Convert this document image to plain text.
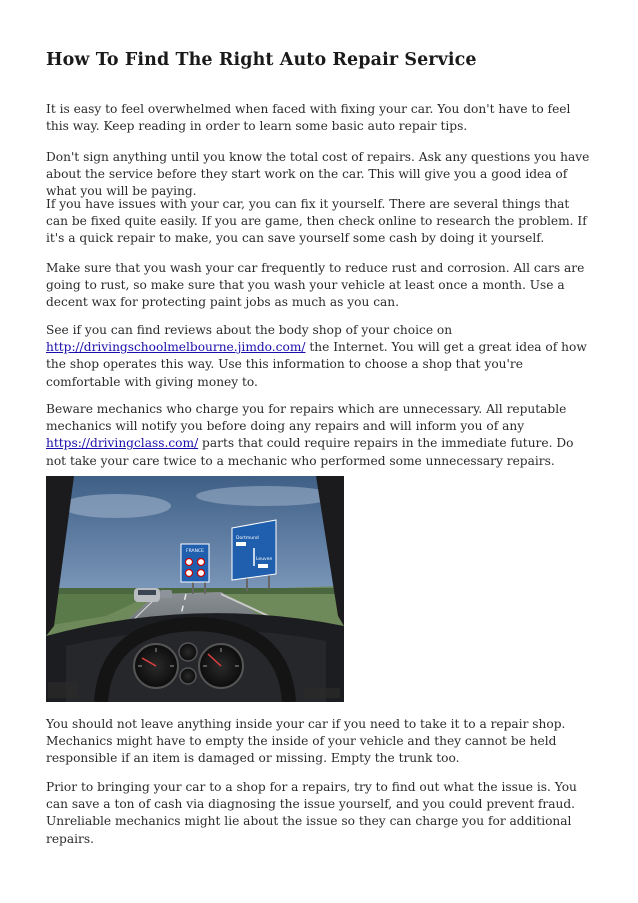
How To Find The Right Auto Repair Service

It is easy to feel overwhelmed when faced with fixing your car. You don't have to feel this way. Keep reading in order to learn some basic auto repair tips.

Don't sign anything until you know the total cost of repairs. Ask any questions you have about the service before they start work on the car. This will give you a good idea of what you will be paying.

If you have issues with your car, you can fix it yourself. There are several things that can be fixed quite easily. If you are game, then check online to research the problem. If it's a quick repair to make, you can save yourself some cash by doing it yourself.

Make sure that you wash your car frequently to reduce rust and corrosion. All cars are going to rust, so make sure that you wash your vehicle at least once a month. Use a decent wax for protecting paint jobs as much as you can.

See if you can find reviews about the body shop of your choice on http://drivingschoolmelbourne.jimdo.com/ the Internet. You will get a great idea of how the shop operates this way. Use this information to choose a shop that you're comfortable with giving money to.

Beware mechanics who charge you for repairs which are unnecessary. All reputable mechanics will notify you before doing any repairs and will inform you of any https://drivingclass.com/ parts that could require repairs in the immediate future. Do not take your care twice to a mechanic who performed some unnecessary repairs.

FRANCE
Dortmund
Leuven

You should not leave anything inside your car if you need to take it to a repair shop. Mechanics might have to empty the inside of your vehicle and they cannot be held responsible if an item is damaged or missing. Empty the trunk too.

Prior to bringing your car to a shop for a repairs, try to find out what the issue is. You can save a ton of cash via diagnosing the issue yourself, and you could prevent fraud. Unreliable mechanics might lie about the issue so they can charge you for additional repairs.
